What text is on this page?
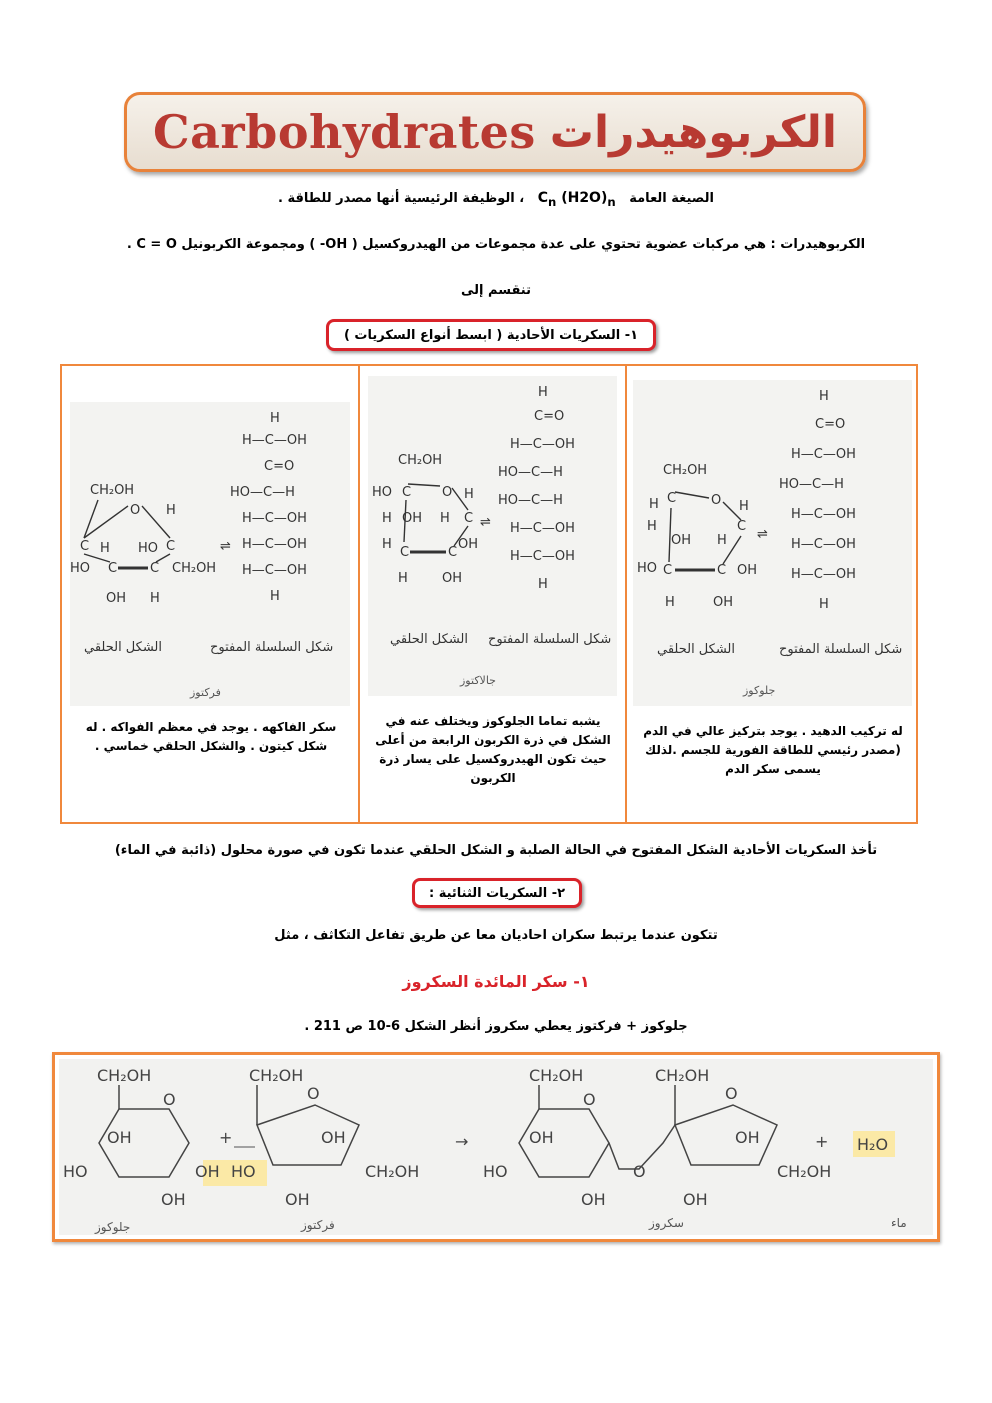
Carbohydrates الكربوهيدرات
الصيغة العامة   $C_n$ $(H2O)_n$   ، الوظيفة الرئيسية أنها مصدر للطاقة .
الكربوهيدرات : هي مركبات عضوية تحتوي على عدة مجموعات من الهيدروكسيل ( OH- ) ومجموعة الكربونيل C = O .
تنقسم إلى
١- السكريات الأحادية ( ابسط أنواع السكريات )
CH₂OH
O H
C H HO C
HO C	C CH₂OH
OH H
⇌
H
H—C—OH
C=O
HO—C—H
H—C—OH
H—C—OH
H—C—OH
H
شكل السلسلة المفتوح
الشكل الحلقي
فركتوز
سكر الفاكهه . يوجد في معظم الفواكه . له شكل كيتون . والشكل الحلقي خماسي .
CH₂OH
HO C O H
H OH H C
H
C	C
OH
H	OH
⇌
H
C=O
H—C—OH
HO—C—H
HO—C—H
H—C—OH
H—C—OH
H
شكل السلسلة المفتوح
الشكل الحلقي
جالاكتوز
يشبه تماما الجلوكوز ويختلف عنه في الشكل في ذرة الكربون الرابعة من أعلى حيث تكون الهيدروكسيل على يسار ذرة الكربون
CH₂OH
H C	O H
H
OH H
C
HO C	C OH
H	OH
⇌
H
C=O
H—C—OH
HO—C—H
H—C—OH
H—C—OH
H—C—OH
H
شكل السلسلة المفتوح
الشكل الحلقي
جلوكوز
له تركيب الدهيد . يوجد بتركيز عالي في الدم (مصدر رئيسي للطاقة الفورية للجسم .لذلك يسمى سكر الدم
تأخذ السكريات الأحادية الشكل المفتوح في الحالة الصلبة و الشكل الحلقي عندما تكون في صورة محلول (ذائبة في الماء)
٢- السكريات الثنائية :
تتكون عندما يرتبط سكران احاديان معا عن طريق تفاعل التكاثف ، مثل
١- سكر المائدة السكروز
جلوكوز + فركتوز يعطي سكروز أنظر الشكل 6-10 ص 211 .
CH₂OH	CH₂OH	CH₂OH	CH₂OH
O	O	O	O
OH
HO	OH
OH
+
HO
OH
CH₂OH
OH
→	OH
HO
OH
O
OH
CH₂OH
OH
+ H₂O
جلوكوز	فركتوز	سكروز	ماء
